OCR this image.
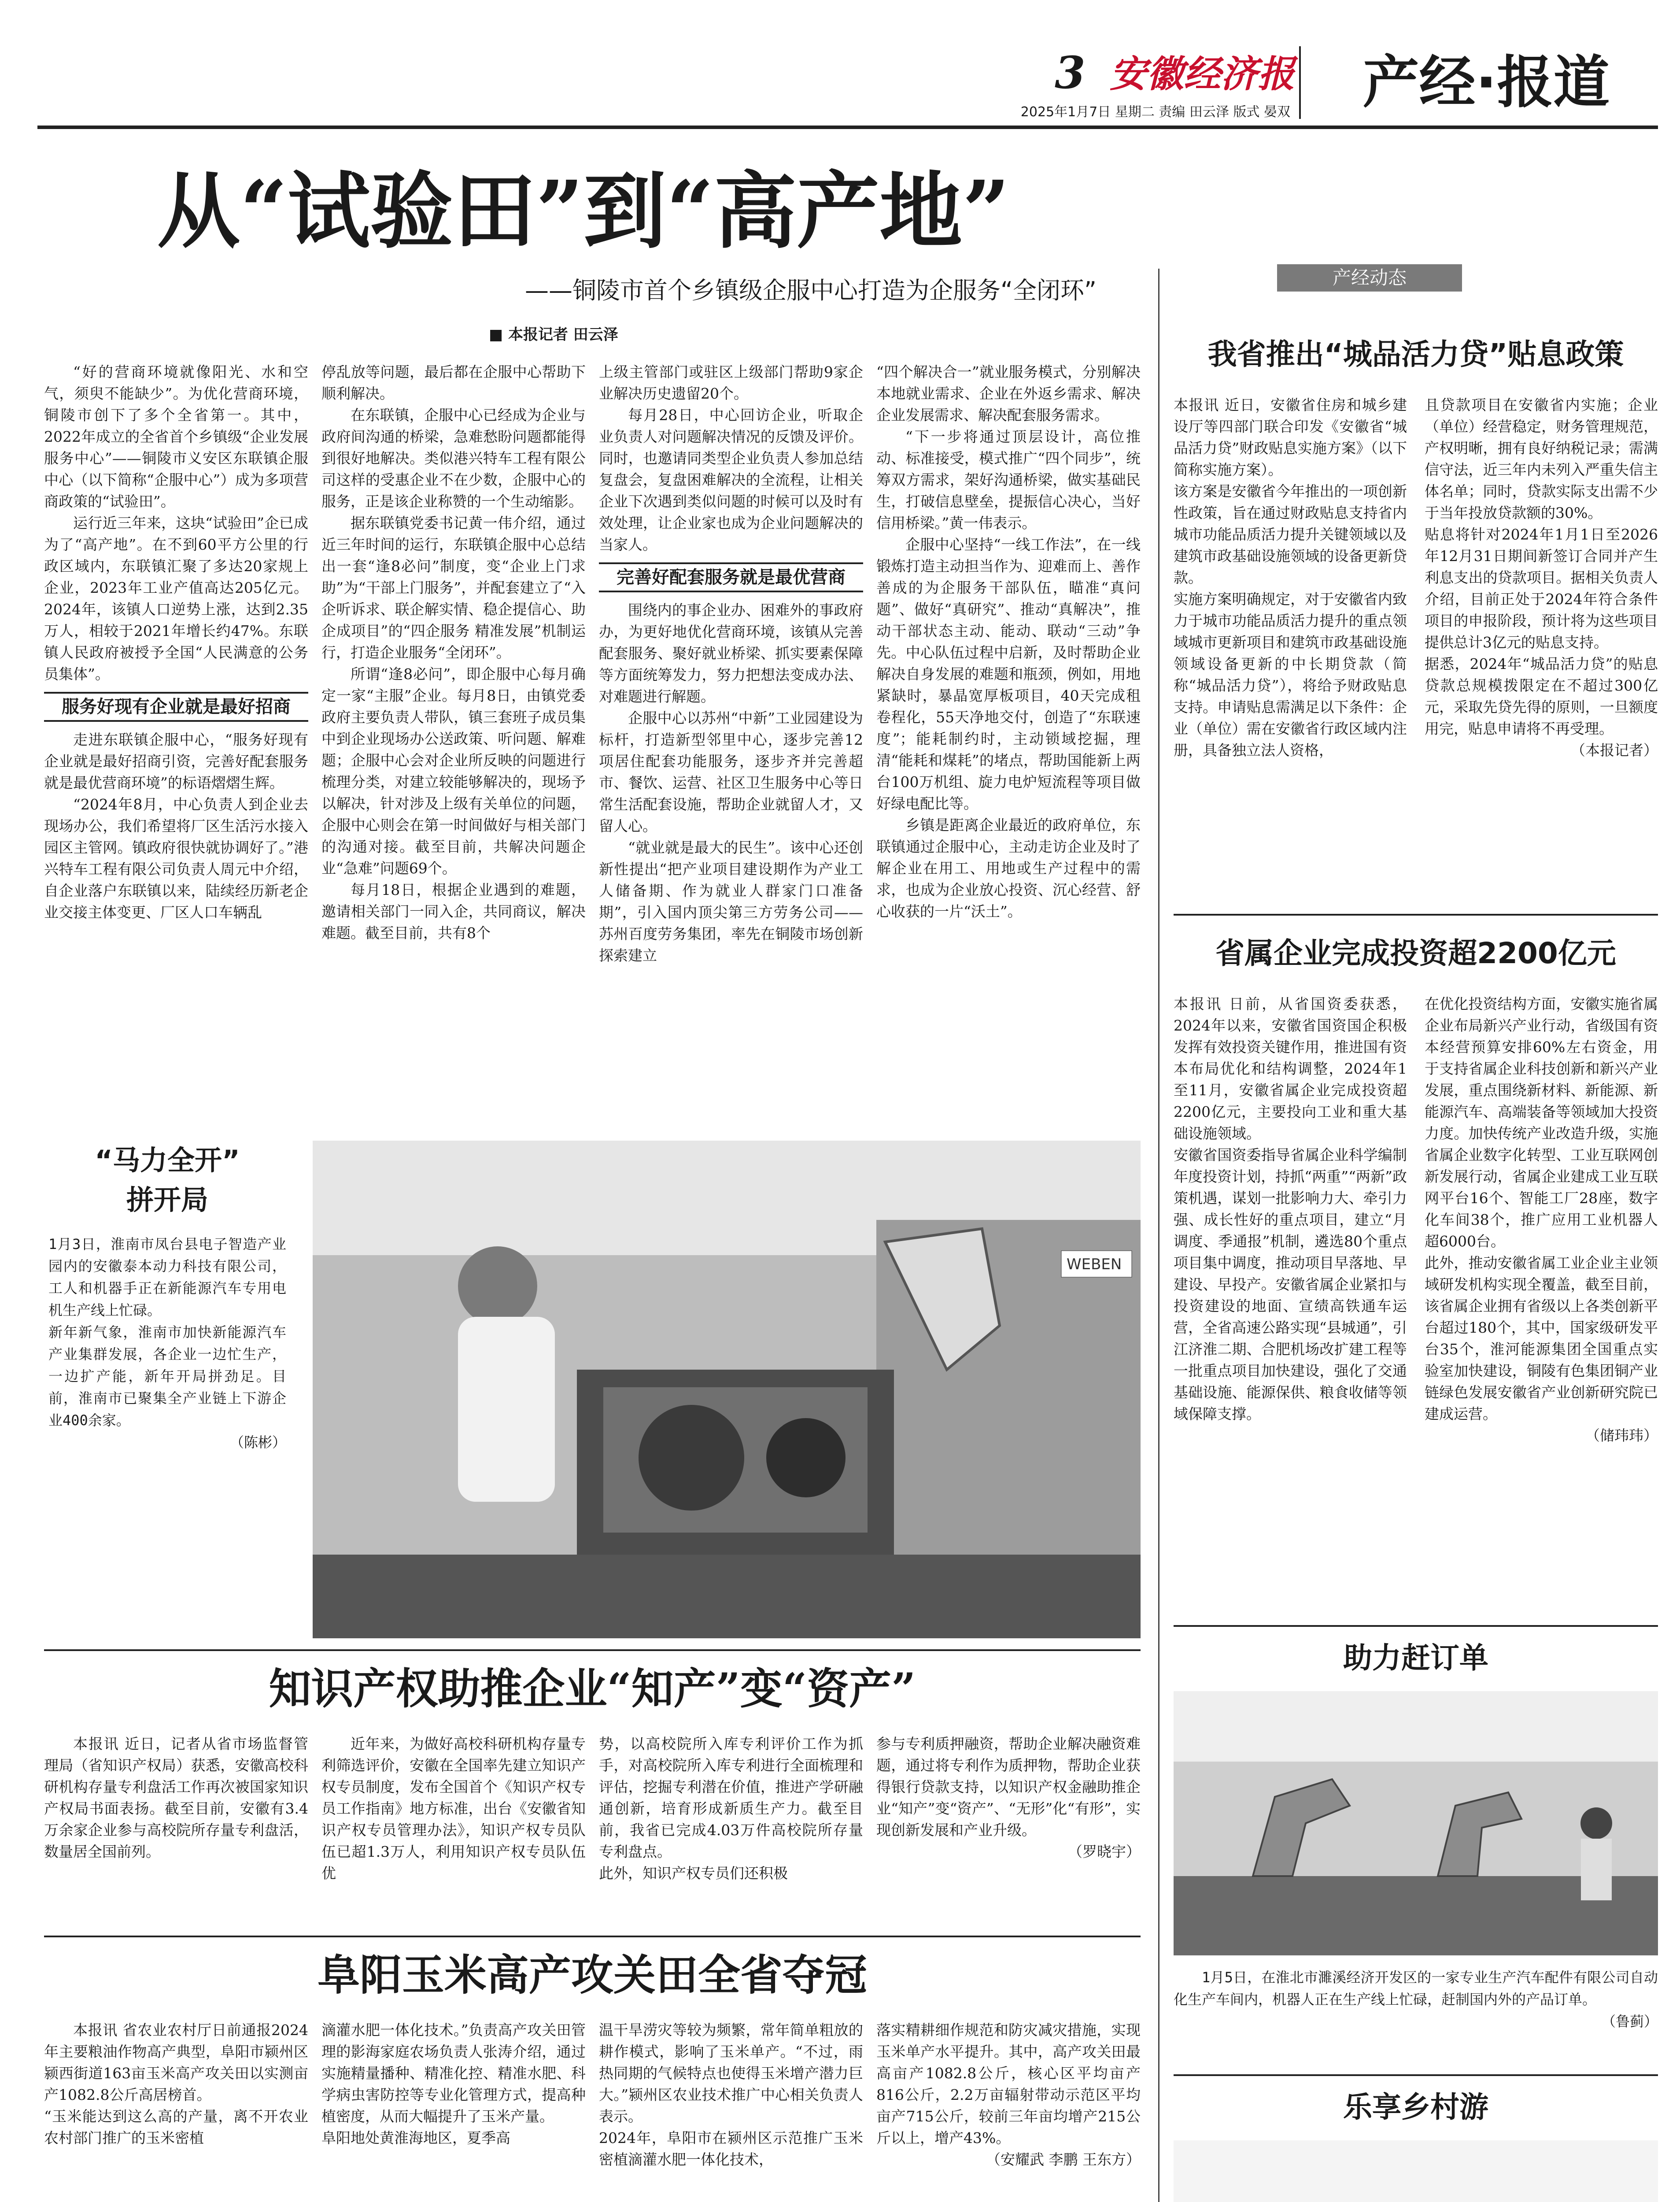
3 安徽经济报
2025年1月7日 星期二 责编 田云泽 版式 晏双	产经·报道
从“试验田”到“高产地”
——铜陵市首个乡镇级企服中心打造为企服务“全闭环”
■ 本报记者 田云泽

“好的营商环境就像阳光、水和空气，须臾不能缺少”。为优化营商环境，铜陵市创下了多个全省第一。其中，2022年成立的全省首个乡镇级“企业发展服务中心”——铜陵市义安区东联镇企服中心（以下简称“企服中心”）成为多项营商政策的“试验田”。

运行近三年来，这块“试验田”企已成为了“高产地”。在不到60平方公里的行政区域内，东联镇汇聚了多达20家规上企业，2023年工业产值高达205亿元。2024年，该镇人口逆势上涨，达到2.35万人，相较于2021年增长约47%。东联镇人民政府被授予全国“人民满意的公务员集体”。

服务好现有企业就是最好招商

走进东联镇企服中心，“服务好现有企业就是最好招商引资，完善好配套服务就是最优营商环境”的标语熠熠生辉。

“2024年8月，中心负责人到企业去现场办公，我们希望将厂区生活污水接入园区主管网。镇政府很快就协调好了。”港兴特车工程有限公司负责人周元中介绍，自企业落户东联镇以来，陆续经历新老企业交接主体变更、厂区人口车辆乱

停乱放等问题，最后都在企服中心帮助下顺利解决。

在东联镇，企服中心已经成为企业与政府间沟通的桥梁，急难愁盼问题都能得到很好地解决。类似港兴特车工程有限公司这样的受惠企业不在少数，企服中心的服务，正是该企业称赞的一个生动缩影。

据东联镇党委书记黄一伟介绍，通过近三年时间的运行，东联镇企服中心总结出一套“逢8必问”制度，变“企业上门求助”为“干部上门服务”，并配套建立了“入企听诉求、联企解实情、稳企提信心、助企成项目”的“四企服务 精准发展”机制运行，打造企业服务“全闭环”。

所谓“逢8必问”，即企服中心每月确定一家“主服”企业。每月8日，由镇党委政府主要负责人带队，镇三套班子成员集中到企业现场办公送政策、听问题、解难题；企服中心会对企业所反映的问题进行梳理分类，对建立较能够解决的，现场予以解决，针对涉及上级有关单位的问题，企服中心则会在第一时间做好与相关部门的沟通对接。截至目前，共解决问题企业“急难”问题69个。

每月18日，根据企业遇到的难题，邀请相关部门一同入企，共同商议，解决难题。截至目前，共有8个

上级主管部门或驻区上级部门帮助9家企业解决历史遗留20个。

每月28日，中心回访企业，听取企业负责人对问题解决情况的反馈及评价。同时，也邀请同类型企业负责人参加总结复盘会，复盘困难解决的全流程，让相关企业下次遇到类似问题的时候可以及时有效处理，让企业家也成为企业问题解决的当家人。

完善好配套服务就是最优营商

围绕内的事企业办、困难外的事政府办，为更好地优化营商环境，该镇从完善配套服务、聚好就业桥梁、抓实要素保障等方面统筹发力，努力把想法变成办法、对难题进行解题。

企服中心以苏州“中新”工业园建设为标杆，打造新型邻里中心，逐步完善12项居住配套功能服务，逐步齐并完善超市、餐饮、运营、社区卫生服务中心等日常生活配套设施，帮助企业就留人才，又留人心。

“就业就是最大的民生”。该中心还创新性提出“把产业项目建设期作为产业工人储备期、作为就业人群家门口准备期”，引入国内顶尖第三方劳务公司——苏州百度劳务集团，率先在铜陵市场创新探索建立

“四个解决合一”就业服务模式，分别解决本地就业需求、企业在外返乡需求、解决企业发展需求、解决配套服务需求。

“下一步将通过顶层设计，高位推动、标准接受，模式推广“四个同步”，统筹双方需求，架好沟通桥梁，做实基础民生，打破信息壁垒，提振信心决心，当好信用桥梁。”黄一伟表示。

企服中心坚持“一线工作法”，在一线锻炼打造主动担当作为、迎难而上、善作善成的为企服务干部队伍，瞄准“真问题”、做好“真研究”、推动“真解决”，推动干部状态主动、能动、联动“三动”争先。中心队伍过程中启新，及时帮助企业解决自身发展的难题和瓶颈，例如，用地紧缺时，暴晶宽厚板项目，40天完成租卷程化，55天净地交付，创造了“东联速度”；能耗制约时，主动锁域挖掘，理清“能耗和煤耗”的堵点，帮助国能新上两台100万机组、旋力电炉短流程等项目做好绿电配比等。

乡镇是距离企业最近的政府单位，东联镇通过企服中心，主动走访企业及时了解企业在用工、用地或生产过程中的需求，也成为企业放心投资、沉心经营、舒心收获的一片“沃土”。

“马力全开”
拼开局
1月3日，淮南市凤台县电子智造产业园内的安徽泰本动力科技有限公司，工人和机器手正在新能源汽车专用电机生产线上忙碌。
新年新气象，淮南市加快新能源汽车产业集群发展，各企业一边忙生产，一边扩产能，新年开局拼劲足。目前，淮南市已聚集全产业链上下游企业400余家。
（陈彬）
WEBEN
知识产权助推企业“知产”变“资产”
本报讯 近日，记者从省市场监督管理局（省知识产权局）获悉，安徽高校科研机构存量专利盘活工作再次被国家知识产权局书面表扬。截至目前，安徽有3.4万余家企业参与高校院所存量专利盘活，数量居全国前列。
近年来，为做好高校科研机构存量专利筛选评价，安徽在全国率先建立知识产权专员制度，发布全国首个《知识产权专员工作指南》地方标准，出台《安徽省知识产权专员管理办法》，知识产权专员队伍已超1.3万人，利用知识产权专员队伍优
势，以高校院所入库专利评价工作为抓手，对高校院所入库专利进行全面梳理和评估，挖掘专利潜在价值，推进产学研融通创新，培育形成新质生产力。截至目前，我省已完成4.03万件高校院所存量专利盘点。
此外，知识产权专员们还积极

参与专利质押融资，帮助企业解决融资难题，通过将专利作为质押物，帮助企业获得银行贷款支持，以知识产权金融助推企业“知产”变“资产”、“无形”化“有形”，实现创新发展和产业升级。

（罗晓宇）

阜阳玉米高产攻关田全省夺冠
本报讯 省农业农村厅日前通报2024年主要粮油作物高产典型，阜阳市颍州区颍西街道163亩玉米高产攻关田以实测亩产1082.8公斤高居榜首。
“玉米能达到这么高的产量，离不开农业农村部门推广的玉米密植
滴灌水肥一体化技术。”负责高产攻关田管理的影海家庭农场负责人张涛介绍，通过实施精量播种、精准化控、精准水肥、科学病虫害防控等专业化管理方式，提高种植密度，从而大幅提升了玉米产量。
阜阳地处黄淮海地区，夏季高
温干旱涝灾等较为频繁，常年简单粗放的耕作模式，影响了玉米单产。“不过，雨热同期的气候特点也使得玉米增产潜力巨大。”颍州区农业技术推广中心相关负责人表示。
2024年，阜阳市在颍州区示范推广玉米密植滴灌水肥一体化技术，

落实精耕细作规范和防灾减灾措施，实现玉米单产水平提升。其中，高产攻关田最高亩产1082.8公斤，核心区平均亩产816公斤，2.2万亩辐射带动示范区平均亩产715公斤，较前三年亩均增产215公斤以上，增产43%。

（安耀武 李鹏 王东方）

产经动态
我省推出“城品活力贷”贴息政策
本报讯 近日，安徽省住房和城乡建设厅等四部门联合印发《安徽省“城品活力贷”财政贴息实施方案》（以下简称实施方案）。
该方案是安徽省今年推出的一项创新性政策，旨在通过财政贴息支持省内城市功能品质活力提升关键领域以及建筑市政基础设施领域的设备更新贷款。
实施方案明确规定，对于安徽省内致力于城市功能品质活力提升的重点领域城市更新项目和建筑市政基础设施领域设备更新的中长期贷款（简称“城品活力贷”），将给予财政贴息支持。申请贴息需满足以下条件：企业（单位）需在安徽省行政区域内注册，具备独立法人资格，

且贷款项目在安徽省内实施；企业（单位）经营稳定，财务管理规范，产权明晰，拥有良好纳税记录；需满信守法，近三年内未列入严重失信主体名单；同时，贷款实际支出需不少于当年投放贷款额的30%。
贴息将针对2024年1月1日至2026年12月31日期间新签订合同并产生利息支出的贷款项目。据相关负责人介绍，目前正处于2024年符合条件项目的申报阶段，预计将为这些项目提供总计3亿元的贴息支持。
据悉，2024年“城品活力贷”的贴息贷款总规模拨限定在不超过300亿元，采取先贷先得的原则，一旦额度用完，贴息申请将不再受理。

（本报记者）

省属企业完成投资超2200亿元
本报讯 日前，从省国资委获悉，2024年以来，安徽省国资国企积极发挥有效投资关键作用，推进国有资本布局优化和结构调整，2024年1至11月，安徽省属企业完成投资超2200亿元，主要投向工业和重大基础设施领域。
安徽省国资委指导省属企业科学编制年度投资计划，持抓“两重”“两新”政策机遇，谋划一批影响力大、牵引力强、成长性好的重点项目，建立“月调度、季通报”机制，遴选80个重点项目集中调度，推动项目早落地、早建设、早投产。安徽省属企业紧扣与投资建设的地面、宣绩高铁通车运营，全省高速公路实现“县城通”，引江济淮二期、合肥机场改扩建工程等一批重点项目加快建设，强化了交通基础设施、能源保供、粮食收储等领域保障支撑。

在优化投资结构方面，安徽实施省属企业布局新兴产业行动，省级国有资本经营预算安排60%左右资金，用于支持省属企业科技创新和新兴产业发展，重点围绕新材料、新能源、新能源汽车、高端装备等领域加大投资力度。加快传统产业改造升级，实施省属企业数字化转型、工业互联网创新发展行动，省属企业建成工业互联网平台16个、智能工厂28座，数字化车间38个，推广应用工业机器人超6000台。
此外，推动安徽省属工业企业主业领域研发机构实现全覆盖，截至目前，该省属企业拥有省级以上各类创新平台超过180个，其中，国家级研发平台35个，淮河能源集团全国重点实验室加快建设，铜陵有色集团铜产业链绿色发展安徽省产业创新研究院已建成运营。

（储玮玮）

助力赶订单
1月5日，在淮北市濉溪经济开发区的一家专业生产汽车配件有限公司自动化生产车间内，机器人正在生产线上忙碌，赶制国内外的产品订单。
（鲁蓟）
乐享乡村游
